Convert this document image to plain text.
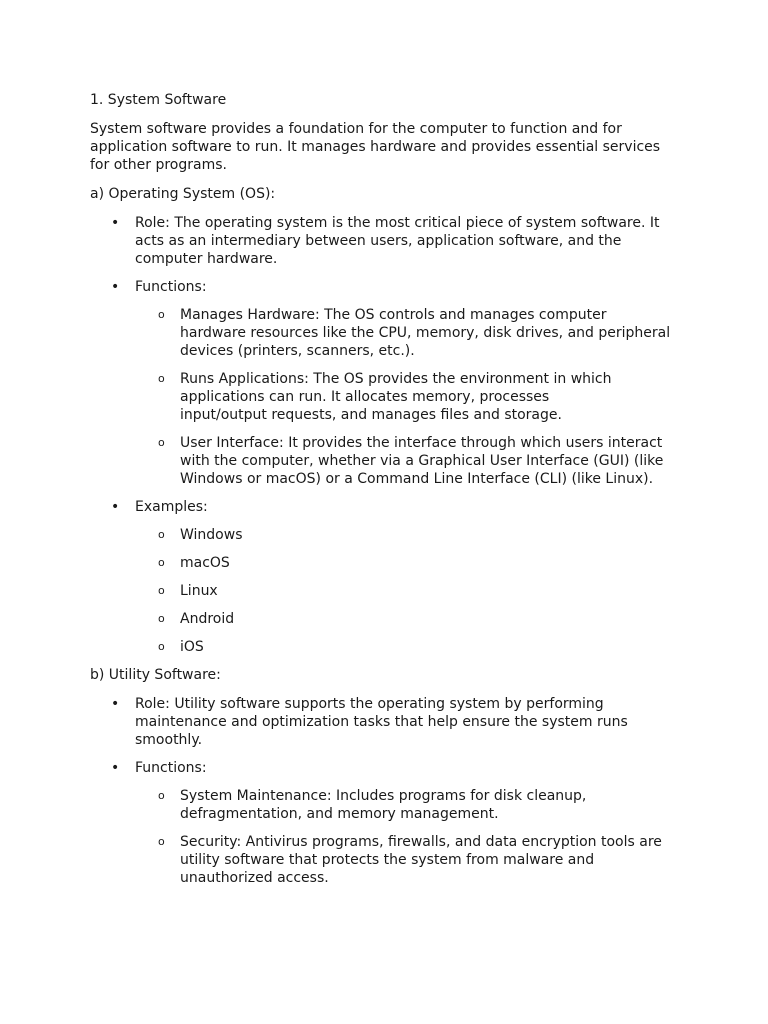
1. System Software

System software provides a foundation for the computer to function and for application software to run. It manages hardware and provides essential services for other programs.

a) Operating System (OS):

• Role: The operating system is the most critical piece of system software. It acts as an intermediary between users, application software, and the computer hardware.
• Functions:
o Manages Hardware: The OS controls and manages computer hardware resources like the CPU, memory, disk drives, and peripheral devices (printers, scanners, etc.).
o Runs Applications: The OS provides the environment in which applications can run. It allocates memory, processes input/output requests, and manages files and storage.
o User Interface: It provides the interface through which users interact with the computer, whether via a Graphical User Interface (GUI) (like Windows or macOS) or a Command Line Interface (CLI) (like Linux).
• Examples:
o Windows
o macOS
o Linux
o Android
o iOS

b) Utility Software:

• Role: Utility software supports the operating system by performing maintenance and optimization tasks that help ensure the system runs smoothly.
• Functions:
o System Maintenance: Includes programs for disk cleanup, defragmentation, and memory management.
o Security: Antivirus programs, firewalls, and data encryption tools are utility software that protects the system from malware and unauthorized access.
